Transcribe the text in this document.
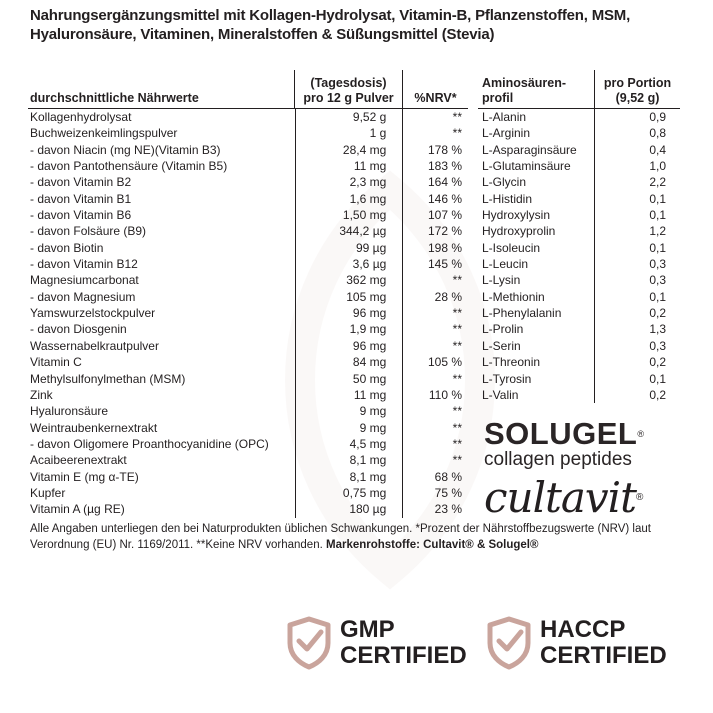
Nahrungsergänzungsmittel mit Kollagen-Hydrolysat, Vitamin-B, Pflanzenstoffen, MSM, Hyaluronsäure, Vitaminen, Mineralstoffen & Süßungsmittel (Stevia)
durchschnittliche Nährwerte
(Tagesdosis)
pro 12 g Pulver	%NRV*
Kollagenhydrolysat	9,52 g	**
Buchweizenkeimlingspulver	1 g	**
- davon Niacin (mg NE)(Vitamin B3)	28,4 mg	178 %
- davon Pantothensäure (Vitamin B5)	11 mg	183 %
- davon Vitamin B2	2,3 mg	164 %
- davon Vitamin B1	1,6 mg	146 %
- davon Vitamin B6	1,50 mg	107 %
- davon Folsäure (B9)	344,2 µg	172 %
- davon Biotin	99 µg	198 %
- davon Vitamin B12	3,6 µg	145 %
Magnesiumcarbonat	362 mg	**
- davon Magnesium	105 mg	28 %
Yamswurzelstockpulver	96 mg	**
- davon Diosgenin	1,9 mg	**
Wassernabelkrautpulver	96 mg	**
Vitamin C	84 mg	105 %
Methylsulfonylmethan (MSM)	50 mg	**
Zink	11 mg	110 %
Hyaluronsäure	9 mg	**
Weintraubenkernextrakt	9 mg	**
- davon Oligomere Proanthocyanidine (OPC)	4,5 mg	**
Acaibeerenextrakt	8,1 mg	**
Vitamin E (mg α-TE)	8,1 mg	68 %
Kupfer	0,75 mg	75 %
Vitamin A (µg RE)	180 µg	23 %
Aminosäuren-
profil
pro Portion
(9,52 g)
L-Alanin	0,9
L-Arginin	0,8
L-Asparaginsäure	0,4
L-Glutaminsäure	1,0
L-Glycin	2,2
L-Histidin	0,1
Hydroxylysin	0,1
Hydroxyprolin	1,2
L-Isoleucin	0,1
L-Leucin	0,3
L-Lysin	0,3
L-Methionin	0,1
L-Phenylalanin	0,2
L-Prolin	1,3
L-Serin	0,3
L-Threonin	0,2
L-Tyrosin	0,1
L-Valin	0,2
SOLUGEL®
collagen peptides
cultavit®
Alle Angaben unterliegen den bei Naturprodukten üblichen Schwankungen. *Prozent der Nährstoffbezugswerte (NRV) laut Verordnung (EU) Nr. 1169/2011. **Keine NRV vorhanden. Markenrohstoffe: Cultavit® & Solugel®
GMP
CERTIFIED
HACCP
CERTIFIED
